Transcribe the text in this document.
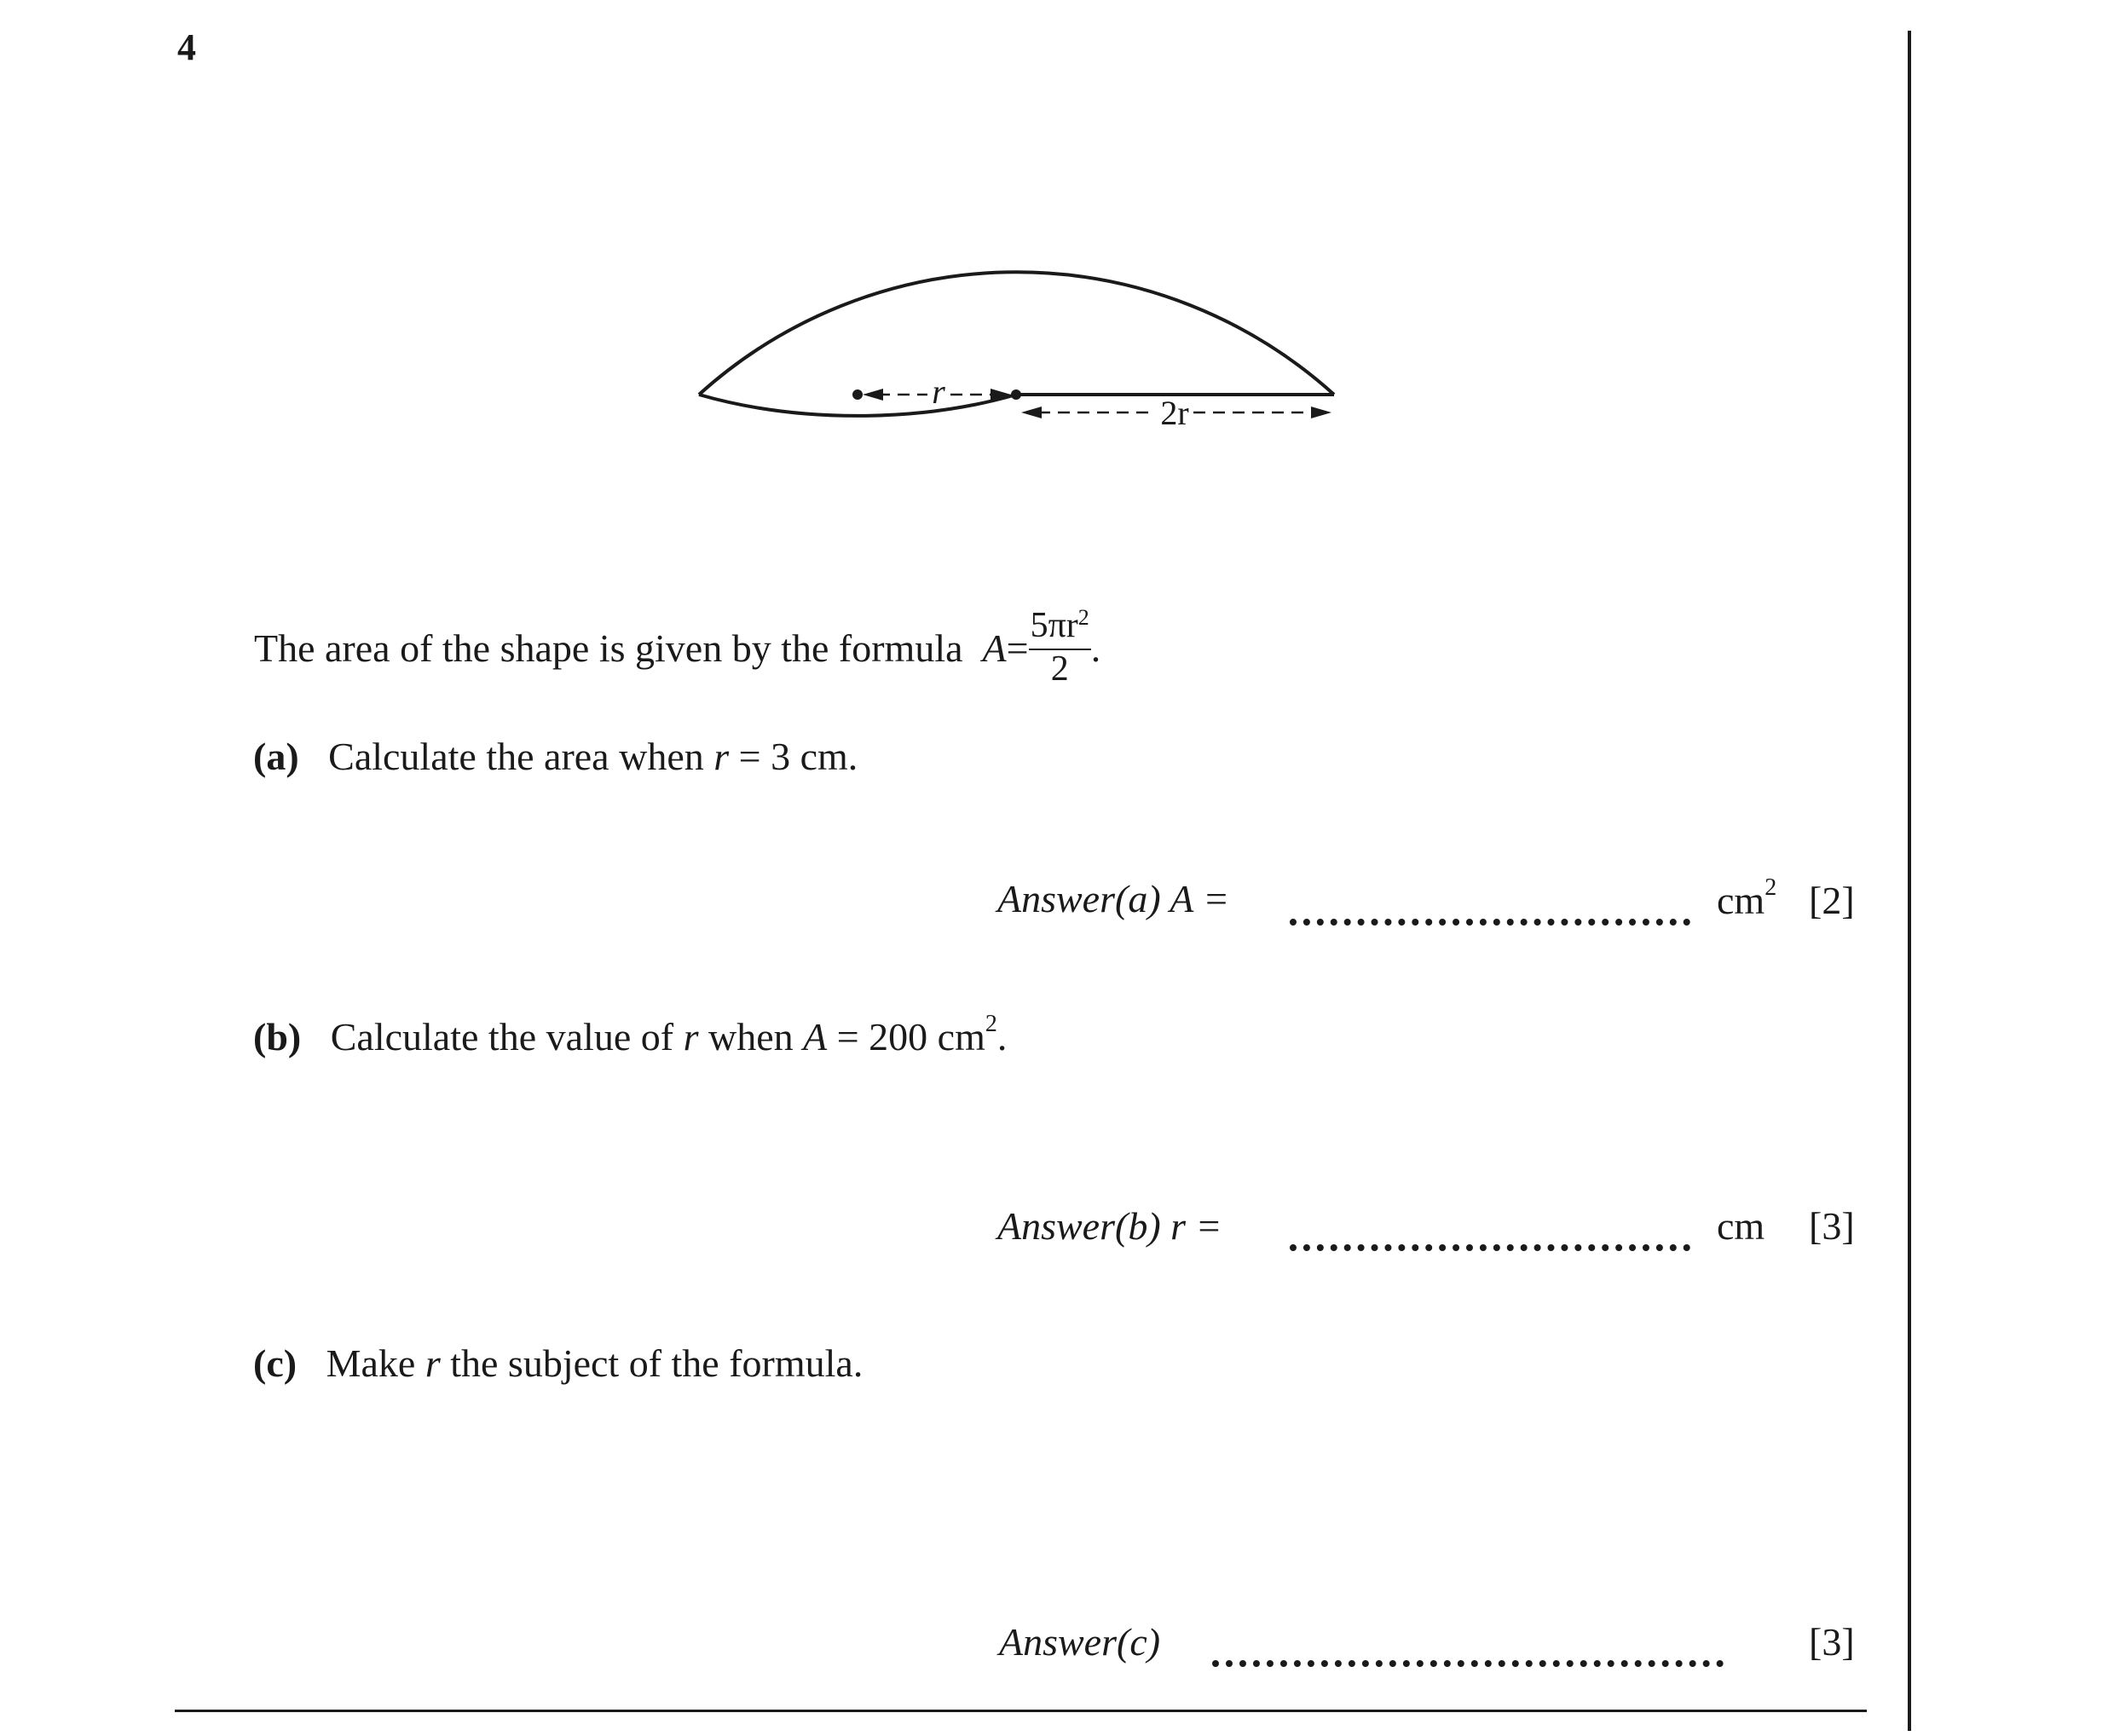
4
r
2r
The area of the shape is given by the formula $A= \frac{5\pi r^2}{2}$ .
(a) Calculate the area when r = 3 cm.
Answer(a) A =	$cm^2$ [2]
(b) Calculate the value of r when A = 200 $cm^2$.
Answer(b) r =	cm [3]
(c) Make r the subject of the formula.
Answer(c)	[3]
